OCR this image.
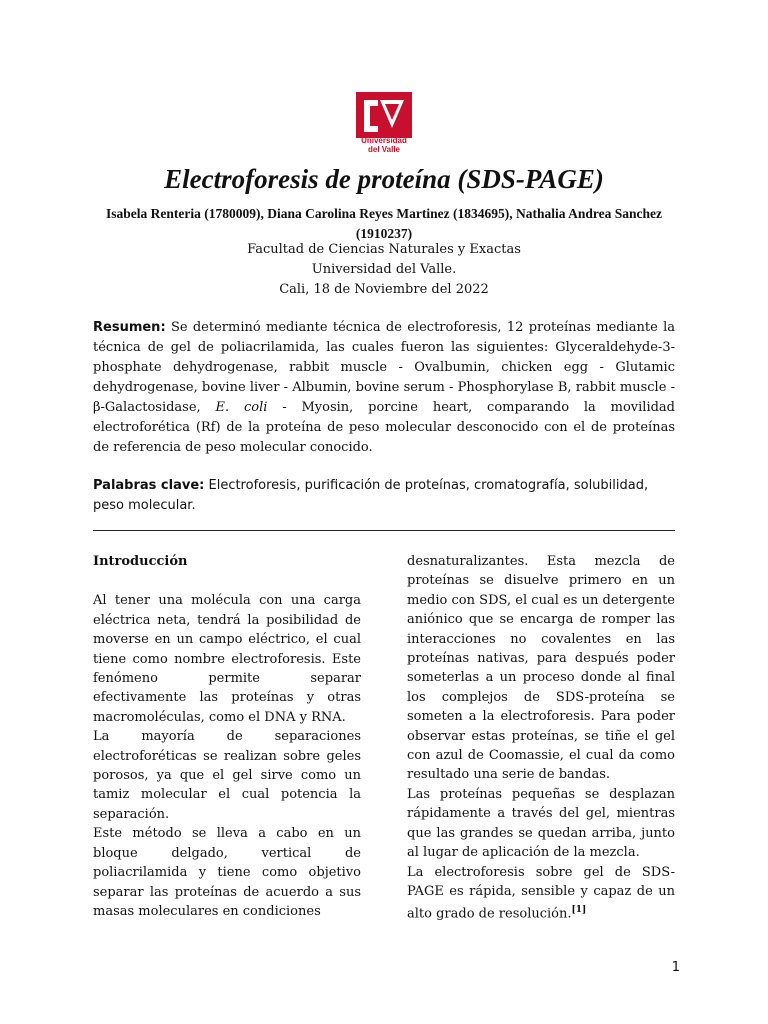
Universidad
del Valle
Electroforesis de proteína (SDS-PAGE)
Isabela Renteria (1780009), Diana Carolina Reyes Martinez (1834695), Nathalia Andrea Sanchez (1910237)
Facultad de Ciencias Naturales y Exactas
Universidad del Valle.
Cali, 18 de Noviembre del 2022
Resumen: Se determinó mediante técnica de electroforesis, 12 proteínas mediante la técnica de gel de poliacrilamida, las cuales fueron las siguientes: Glyceraldehyde-3-phosphate dehydrogenase, rabbit muscle - Ovalbumin, chicken egg - Glutamic dehydrogenase, bovine liver - Albumin, bovine serum - Phosphorylase B, rabbit muscle - β-Galactosidase, E. coli - Myosin, porcine heart, comparando la movilidad electroforética (Rf) de la proteína de peso molecular desconocido con el de proteínas de referencia de peso molecular conocido.
Palabras clave: Electroforesis, purificación de proteínas, cromatografía, solubilidad, peso molecular.

Introducción

Al tener una molécula con una carga eléctrica neta, tendrá la posibilidad de moverse en un campo eléctrico, el cual tiene como nombre electroforesis. Este fenómeno permite separar efectivamente las proteínas y otras macromoléculas, como el DNA y RNA.

La mayoría de separaciones electroforéticas se realizan sobre geles porosos, ya que el gel sirve como un tamiz molecular el cual potencia la separación.

Este método se lleva a cabo en un bloque delgado, vertical de poliacrilamida y tiene como objetivo separar las proteínas de acuerdo a sus masas moleculares en condiciones

desnaturalizantes. Esta mezcla de proteínas se disuelve primero en un medio con SDS, el cual es un detergente aniónico que se encarga de romper las interacciones no covalentes en las proteínas nativas, para después poder someterlas a un proceso donde al final los complejos de SDS-proteína se someten a la electroforesis. Para poder observar estas proteínas, se tiñe el gel con azul de Coomassie, el cual da como resultado una serie de bandas.

Las proteínas pequeñas se desplazan rápidamente a través del gel, mientras que las grandes se quedan arriba, junto al lugar de aplicación de la mezcla.

La electroforesis sobre gel de SDS-PAGE es rápida, sensible y capaz de un alto grado de resolución.[1]

1
